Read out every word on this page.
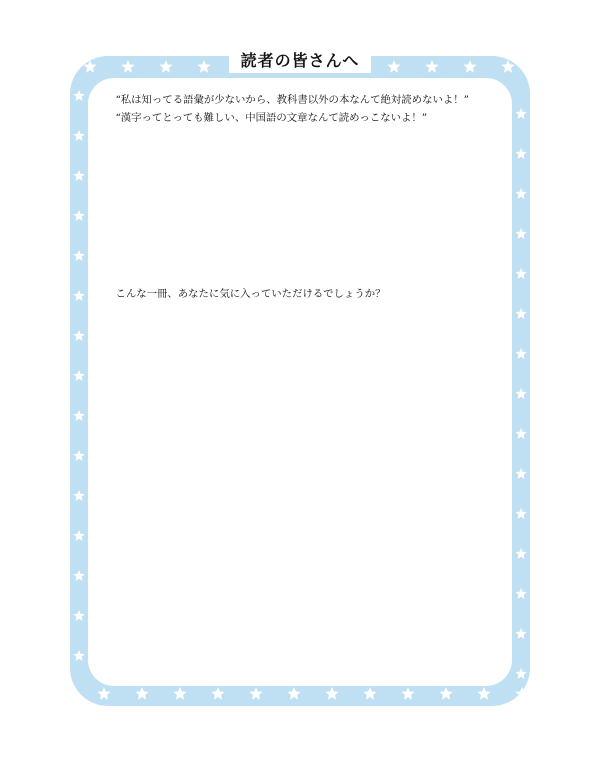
読者の皆さんへ

“私は知ってる語彙が少ないから、教科書以外の本なんて絶対読めないよ！”

“漢字ってとっても難しい、中国語の文章なんて読めっこないよ！”

こんな一冊、あなたに気に入っていただけるでしょうか？
